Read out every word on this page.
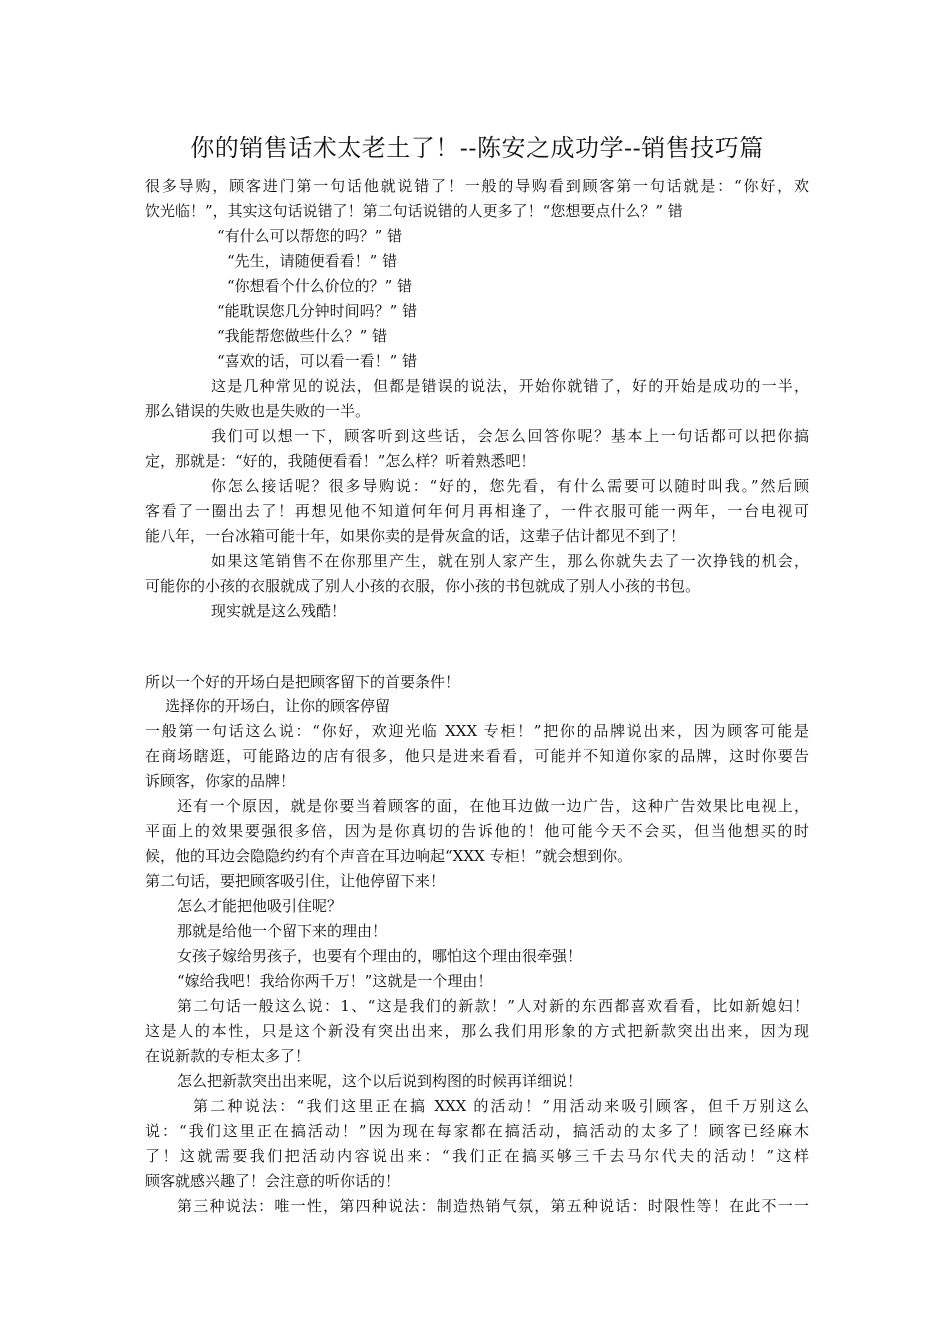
你的销售话术太老土了！--陈安之成功学--销售技巧篇
很多导购，顾客进门第一句话他就说错了！一般的导购看到顾客第一句话就是：“你好，欢
饮光临！”，其实这句话说错了！第二句话说错的人更多了！“您想要点什么？” 错
“有什么可以帮您的吗？” 错
“先生，请随便看看！” 错
“你想看个什么价位的？” 错
“能耽误您几分钟时间吗？” 错
“我能帮您做些什么？” 错
“喜欢的话，可以看一看！” 错
这是几种常见的说法，但都是错误的说法，开始你就错了，好的开始是成功的一半，
那么错误的失败也是失败的一半。
我们可以想一下，顾客听到这些话，会怎么回答你呢？基本上一句话都可以把你搞
定，那就是：“好的，我随便看看！”怎么样？听着熟悉吧！
你怎么接话呢？很多导购说：“好的，您先看，有什么需要可以随时叫我。”然后顾
客看了一圈出去了！再想见他不知道何年何月再相逢了，一件衣服可能一两年，一台电视可
能八年，一台冰箱可能十年，如果你卖的是骨灰盒的话，这辈子估计都见不到了！
如果这笔销售不在你那里产生，就在别人家产生，那么你就失去了一次挣钱的机会，
可能你的小孩的衣服就成了别人小孩的衣服，你小孩的书包就成了别人小孩的书包。
现实就是这么残酷！
所以一个好的开场白是把顾客留下的首要条件！
选择你的开场白，让你的顾客停留
一般第一句话这么说：“你好，欢迎光临 XXX 专柜！”把你的品牌说出来，因为顾客可能是
在商场瞎逛，可能路边的店有很多，他只是进来看看，可能并不知道你家的品牌，这时你要告
诉顾客，你家的品牌！
还有一个原因，就是你要当着顾客的面，在他耳边做一边广告，这种广告效果比电视上，
平面上的效果要强很多倍，因为是你真切的告诉他的！他可能今天不会买，但当他想买的时
候，他的耳边会隐隐约约有个声音在耳边响起“XXX 专柜！”就会想到你。
第二句话，要把顾客吸引住，让他停留下来！
怎么才能把他吸引住呢？
那就是给他一个留下来的理由！
女孩子嫁给男孩子，也要有个理由的，哪怕这个理由很牵强！
“嫁给我吧！我给你两千万！”这就是一个理由！
第二句话一般这么说：1、“这是我们的新款！”人对新的东西都喜欢看看，比如新媳妇！
这是人的本性，只是这个新没有突出出来，那么我们用形象的方式把新款突出出来，因为现
在说新款的专柜太多了！
怎么把新款突出出来呢，这个以后说到构图的时候再详细说！
第二种说法：“我们这里正在搞 XXX 的活动！”用活动来吸引顾客，但千万别这么
说：“我们这里正在搞活动！”因为现在每家都在搞活动，搞活动的太多了！顾客已经麻木
了！这就需要我们把活动内容说出来：“我们正在搞买够三千去马尔代夫的活动！”这样
顾客就感兴趣了！会注意的听你话的！
第三种说法：唯一性，第四种说法：制造热销气氛，第五种说话：时限性等！在此不一一
